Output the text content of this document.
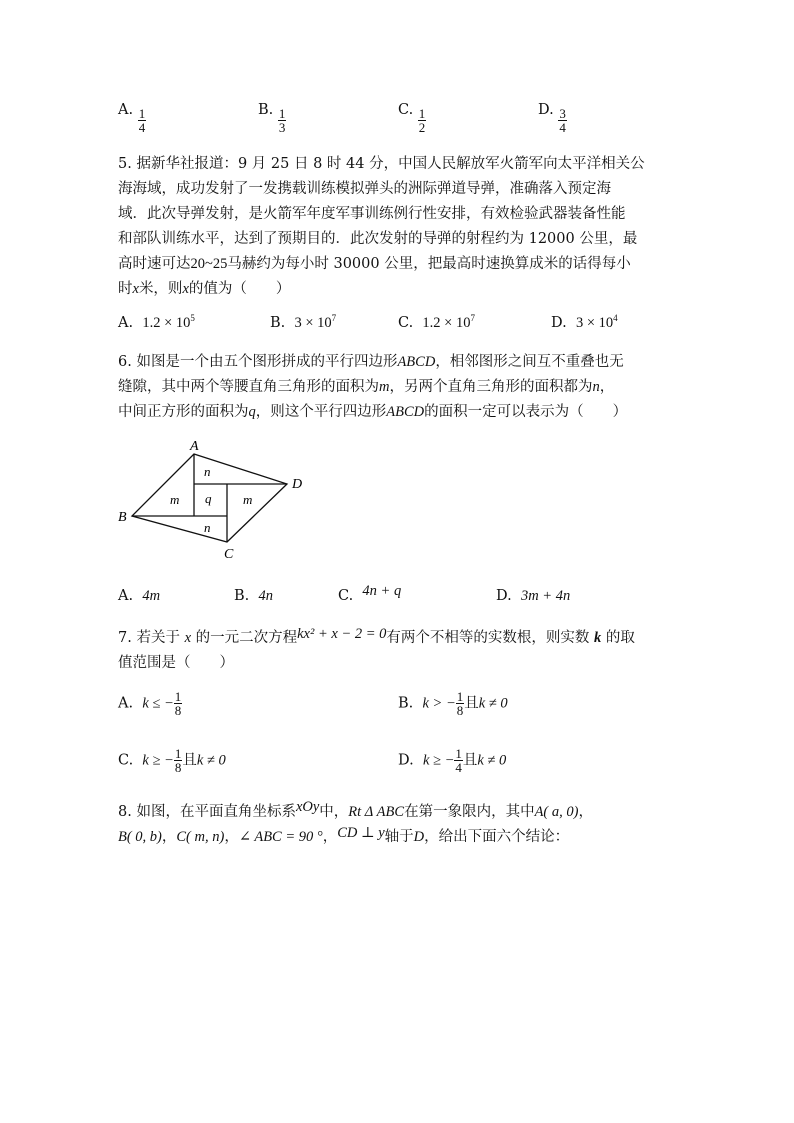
A. $\frac{1}{4}$	B. $\frac{1}{3}$	C. $\frac{1}{2}$	D. $\frac{3}{4}$
5. 据新华社报道：9 月 25 日 8 时 44 分，中国人民解放军火箭军向太平洋相关公
海海域，成功发射了一发携载训练模拟弹头的洲际弹道导弹，准确落入预定海
域．此次导弹发射，是火箭军年度军事训练例行性安排，有效检验武器装备性能
和部队训练水平，达到了预期目的．此次发射的导弹的射程约为 12000 公里，最
高时速可达20~25马赫约为每小时 30000 公里，把最高时速换算成米的话得每小
时x米，则x的值为（　　）
A. $1.2 \times 10^5$	B. $3 \times 10^7$	C. $1.2 \times 10^7$	D. $3 \times 10^4$
6. 如图是一个由五个图形拼成的平行四边形ABCD，相邻图形之间互不重叠也无
缝隙，其中两个等腰直角三角形的面积为m，另两个直角三角形的面积都为n，
中间正方形的面积为q，则这个平行四边形ABCD的面积一定可以表示为（　　）
A
B
C
D
n
m q m
n
A. 4m	B. 4n	C. 4n + q	D. 3m + 4n
7. 若关于 x 的一元二次方程kx² + x − 2 = 0有两个不相等的实数根，则实数 k 的取
值范围是（　　）
A. k ≤ − $\frac{1}{8}$	B. k > − $\frac{1}{8}$ 且k ≠ 0
C. k ≥ − $\frac{1}{8}$ 且k ≠ 0	D. k ≥ − $\frac{1}{4}$ 且k ≠ 0
8. 如图，在平面直角坐标系xOy中，Rt Δ ABC在第一象限内，其中A( a, 0)，
B( 0, b)，C( m, n)，∠ ABC = 90 °，CD ⊥ y轴于D，给出下面六个结论：
